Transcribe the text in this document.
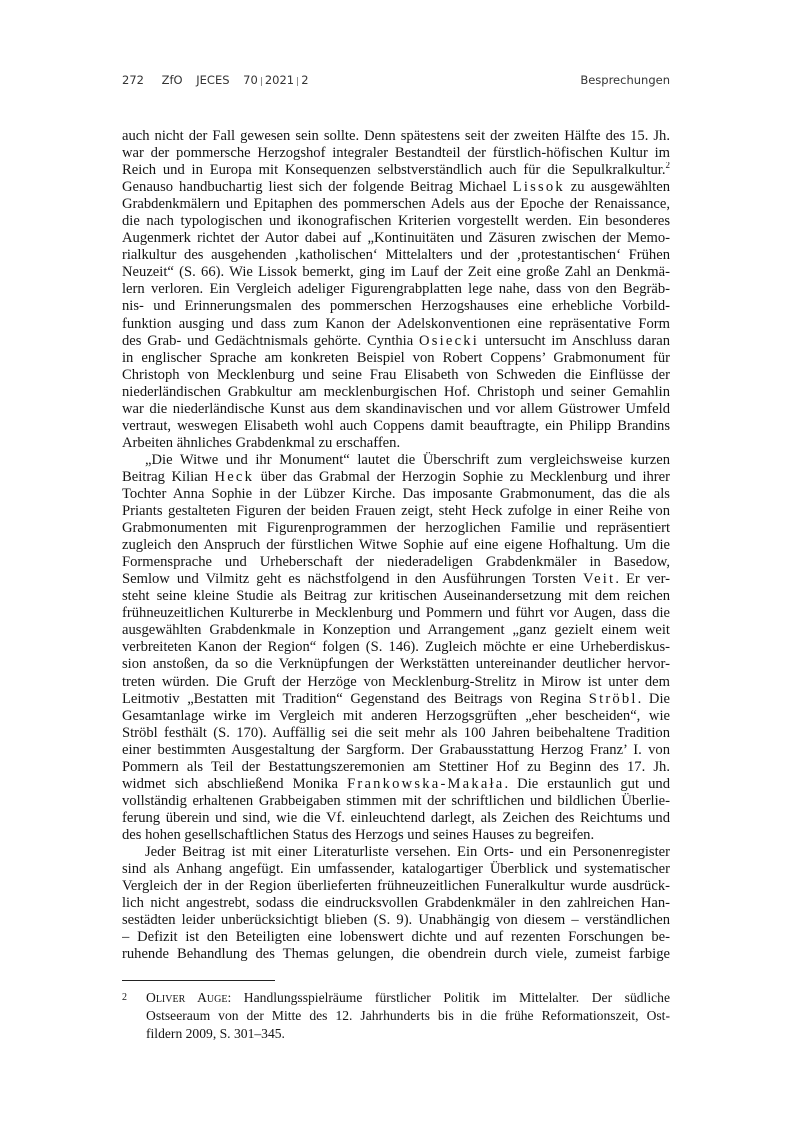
272 ZfO JECES 70 | 2021 | 2	Besprechungen
auch nicht der Fall gewesen sein sollte. Denn spätestens seit der zweiten Hälfte des 15. Jh.
war der pommersche Herzogshof integraler Bestandteil der fürstlich-höfischen Kultur im
Reich und in Europa mit Konsequenzen selbstverständlich auch für die Sepulkralkultur.$^2$
Genauso handbuchartig liest sich der folgende Beitrag Michael Lissok zu ausgewählten
Grabdenkmälern und Epitaphen des pommerschen Adels aus der Epoche der Renaissance,
die nach typologischen und ikonografischen Kriterien vorgestellt werden. Ein besonderes
Augenmerk richtet der Autor dabei auf „Kontinuitäten und Zäsuren zwischen der Memo-
rialkultur des ausgehenden ‚katholischen‘ Mittelalters und der ‚protestantischen‘ Frühen
Neuzeit“ (S. 66). Wie Lissok bemerkt, ging im Lauf der Zeit eine große Zahl an Denkmä-
lern verloren. Ein Vergleich adeliger Figurengrabplatten lege nahe, dass von den Begräb-
nis- und Erinnerungsmalen des pommerschen Herzogshauses eine erhebliche Vorbild-
funktion ausging und dass zum Kanon der Adelskonventionen eine repräsentative Form
des Grab- und Gedächtnismals gehörte. Cynthia Osiecki untersucht im Anschluss daran
in englischer Sprache am konkreten Beispiel von Robert Coppens’ Grabmonument für
Christoph von Mecklenburg und seine Frau Elisabeth von Schweden die Einflüsse der
niederländischen Grabkultur am mecklenburgischen Hof. Christoph und seiner Gemahlin
war die niederländische Kunst aus dem skandinavischen und vor allem Güstrower Umfeld
vertraut, weswegen Elisabeth wohl auch Coppens damit beauftragte, ein Philipp Brandins
Arbeiten ähnliches Grabdenkmal zu erschaffen.
„Die Witwe und ihr Monument“ lautet die Überschrift zum vergleichsweise kurzen
Beitrag Kilian Heck über das Grabmal der Herzogin Sophie zu Mecklenburg und ihrer
Tochter Anna Sophie in der Lübzer Kirche. Das imposante Grabmonument, das die als
Priants gestalteten Figuren der beiden Frauen zeigt, steht Heck zufolge in einer Reihe von
Grabmonumenten mit Figurenprogrammen der herzoglichen Familie und repräsentiert
zugleich den Anspruch der fürstlichen Witwe Sophie auf eine eigene Hofhaltung. Um die
Formensprache und Urheberschaft der niederadeligen Grabdenkmäler in Basedow,
Semlow und Vilmitz geht es nächstfolgend in den Ausführungen Torsten Veit. Er ver-
steht seine kleine Studie als Beitrag zur kritischen Auseinandersetzung mit dem reichen
frühneuzeitlichen Kulturerbe in Mecklenburg und Pommern und führt vor Augen, dass die
ausgewählten Grabdenkmale in Konzeption und Arrangement „ganz gezielt einem weit
verbreiteten Kanon der Region“ folgen (S. 146). Zugleich möchte er eine Urheberdiskus-
sion anstoßen, da so die Verknüpfungen der Werkstätten untereinander deutlicher hervor-
treten würden. Die Gruft der Herzöge von Mecklenburg-Strelitz in Mirow ist unter dem
Leitmotiv „Bestatten mit Tradition“ Gegenstand des Beitrags von Regina Ströbl. Die
Gesamtanlage wirke im Vergleich mit anderen Herzogsgrüften „eher bescheiden“, wie
Ströbl festhält (S. 170). Auffällig sei die seit mehr als 100 Jahren beibehaltene Tradition
einer bestimmten Ausgestaltung der Sargform. Der Grabausstattung Herzog Franz’ I. von
Pommern als Teil der Bestattungszeremonien am Stettiner Hof zu Beginn des 17. Jh.
widmet sich abschließend Monika Frankowska-Makała. Die erstaunlich gut und
vollständig erhaltenen Grabbeigaben stimmen mit der schriftlichen und bildlichen Überlie-
ferung überein und sind, wie die Vf. einleuchtend darlegt, als Zeichen des Reichtums und
des hohen gesellschaftlichen Status des Herzogs und seines Hauses zu begreifen.
Jeder Beitrag ist mit einer Literaturliste versehen. Ein Orts- und ein Personenregister
sind als Anhang angefügt. Ein umfassender, katalogartiger Überblick und systematischer
Vergleich der in der Region überlieferten frühneuzeitlichen Funeralkultur wurde ausdrück-
lich nicht angestrebt, sodass die eindrucksvollen Grabdenkmäler in den zahlreichen Han-
sestädten leider unberücksichtigt blieben (S. 9). Unabhängig von diesem – verständlichen
– Defizit ist den Beteiligten eine lobenswert dichte und auf rezenten Forschungen be-
ruhende Behandlung des Themas gelungen, die obendrein durch viele, zumeist farbige
2 Oliver Auge: Handlungsspielräume fürstlicher Politik im Mittelalter. Der südliche
Ostseeraum von der Mitte des 12. Jahrhunderts bis in die frühe Reformationszeit, Ost-
fildern 2009, S. 301–345.
